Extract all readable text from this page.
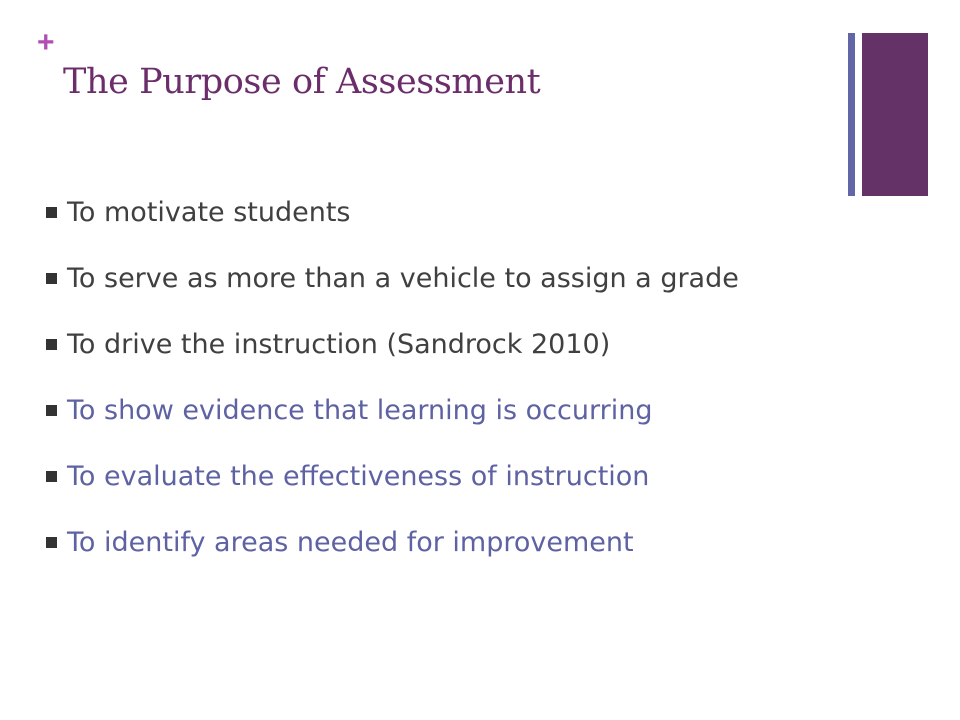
+
The Purpose of Assessment
To motivate students
To serve as more than a vehicle to assign a grade
To drive the instruction (Sandrock 2010)
To show evidence that learning is occurring
To evaluate the effectiveness of instruction
To identify areas needed for improvement
